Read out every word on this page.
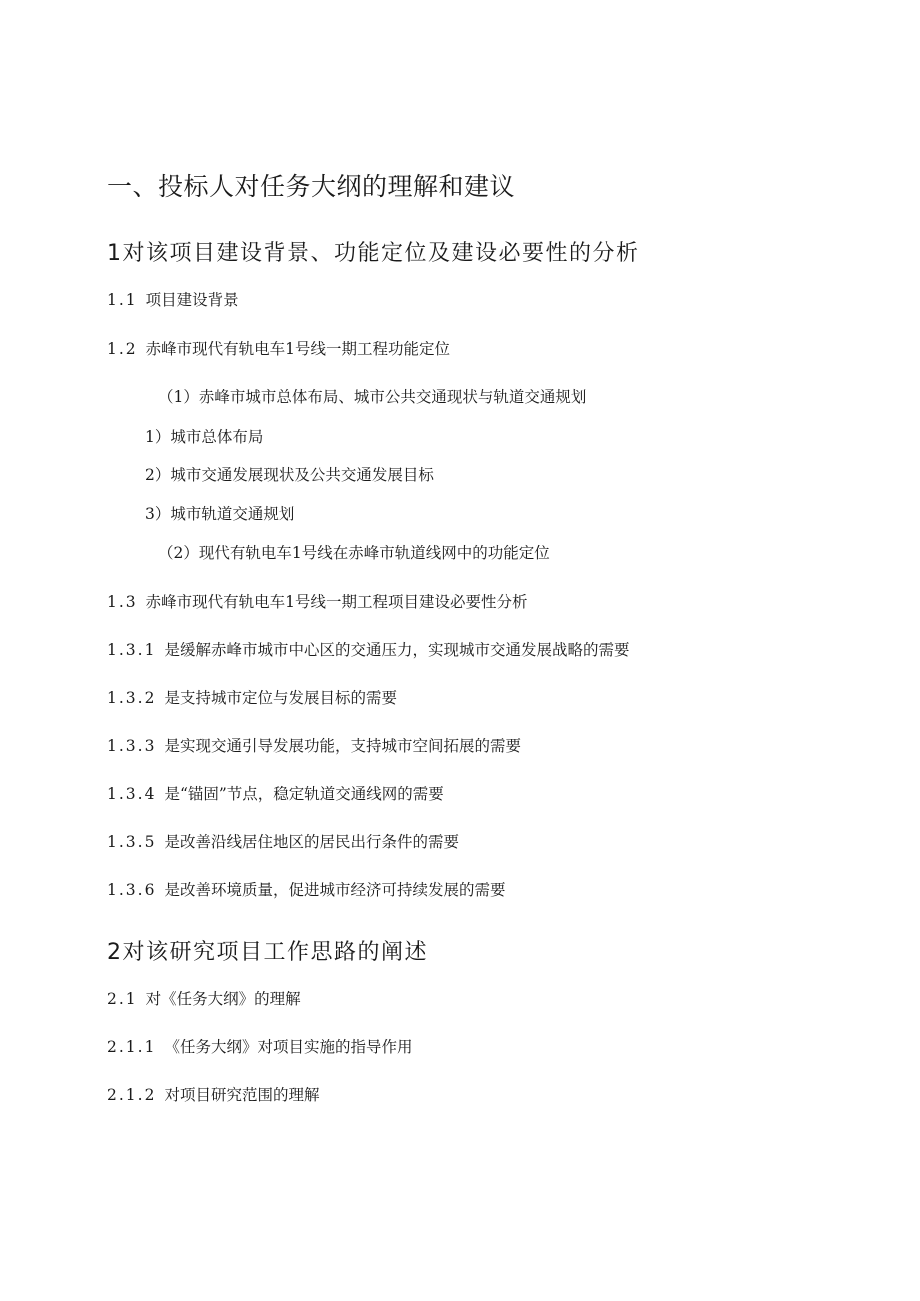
一、投标人对任务大纲的理解和建议
1对该项目建设背景、功能定位及建设必要性的分析
1.1 项目建设背景
1.2 赤峰市现代有轨电车1号线一期工程功能定位
（1）赤峰市城市总体布局、城市公共交通现状与轨道交通规划
1）城市总体布局
2）城市交通发展现状及公共交通发展目标
3）城市轨道交通规划
（2）现代有轨电车1号线在赤峰市轨道线网中的功能定位
1.3 赤峰市现代有轨电车1号线一期工程项目建设必要性分析
1.3.1 是缓解赤峰市城市中心区的交通压力，实现城市交通发展战略的需要
1.3.2 是支持城市定位与发展目标的需要
1.3.3 是实现交通引导发展功能，支持城市空间拓展的需要
1.3.4 是“锚固”节点，稳定轨道交通线网的需要
1.3.5 是改善沿线居住地区的居民出行条件的需要
1.3.6 是改善环境质量，促进城市经济可持续发展的需要
2对该研究项目工作思路的阐述
2.1 对《任务大纲》的理解
2.1.1 《任务大纲》对项目实施的指导作用
2.1.2 对项目研究范围的理解
